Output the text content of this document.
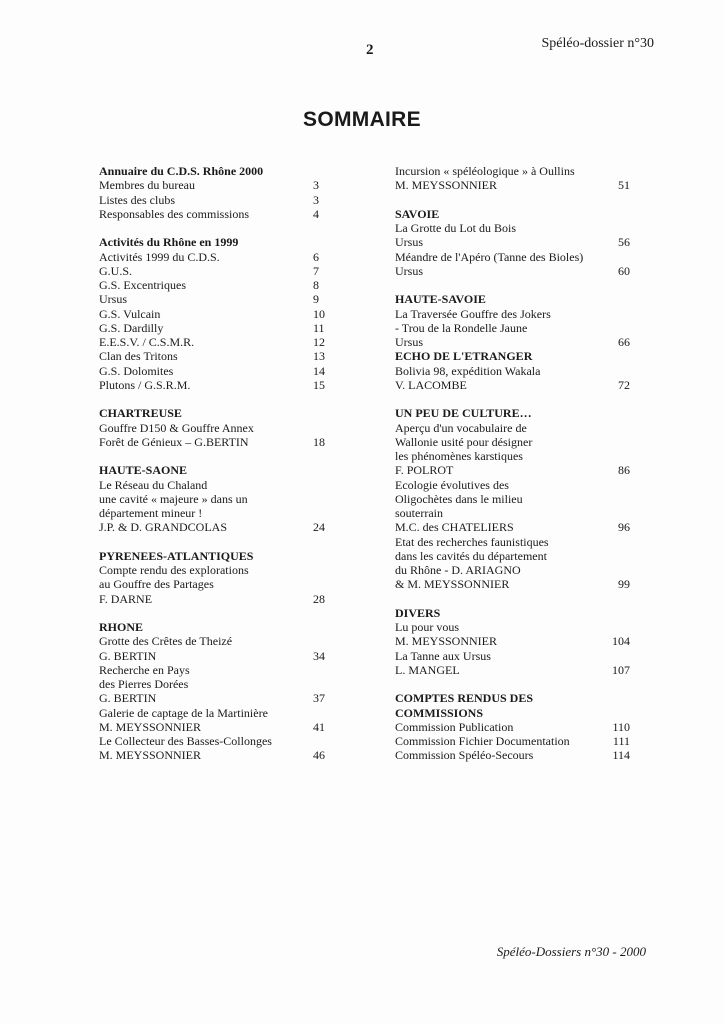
2	Spéléo-dossier n°30
SOMMAIRE
Annuaire du C.D.S. Rhône 2000
Membres du bureau	3
Listes des clubs	3
Responsables des commissions	4
Activités du Rhône en 1999
Activités 1999 du C.D.S.	6
G.U.S.	7
G.S. Excentriques	8
Ursus	9
G.S. Vulcain	10
G.S. Dardilly	11
E.E.S.V. / C.S.M.R.	12
Clan des Tritons	13
G.S. Dolomites	14
Plutons / G.S.R.M.	15
CHARTREUSE
Gouffre D150 & Gouffre Annex
Forêt de Génieux – G.BERTIN	18
HAUTE-SAONE
Le Réseau du Chaland
une cavité « majeure » dans un
département mineur !
J.P. & D. GRANDCOLAS	24
PYRENEES-ATLANTIQUES
Compte rendu des explorations
au Gouffre des Partages
F. DARNE	28
RHONE
Grotte des Crêtes de Theizé
G. BERTIN	34
Recherche en Pays
des Pierres Dorées
G. BERTIN	37
Galerie de captage de la Martinière
M. MEYSSONNIER	41
Le Collecteur des Basses-Collonges
M. MEYSSONNIER	46
Incursion « spéléologique » à Oullins
M. MEYSSONNIER	51
SAVOIE
La Grotte du Lot du Bois
Ursus	56
Méandre de l'Apéro (Tanne des Bioles)
Ursus	60
HAUTE-SAVOIE
La Traversée Gouffre des Jokers
- Trou de la Rondelle Jaune
Ursus	66
ECHO DE L'ETRANGER
Bolivia 98, expédition Wakala
V. LACOMBE	72
UN PEU DE CULTURE…
Aperçu d'un vocabulaire de
Wallonie usité pour désigner
les phénomènes karstiques
F. POLROT	86
Ecologie évolutives des
Oligochètes dans le milieu
souterrain
M.C. des CHATELIERS	96
Etat des recherches faunistiques
dans les cavités du département
du Rhône - D. ARIAGNO
& M. MEYSSONNIER	99
DIVERS
Lu pour vous
M. MEYSSONNIER	104
La Tanne aux Ursus
L. MANGEL	107
COMPTES RENDUS DES
COMMISSIONS
Commission Publication	110
Commission Fichier Documentation	111
Commission Spéléo-Secours	114
Spéléo-Dossiers n°30 - 2000
